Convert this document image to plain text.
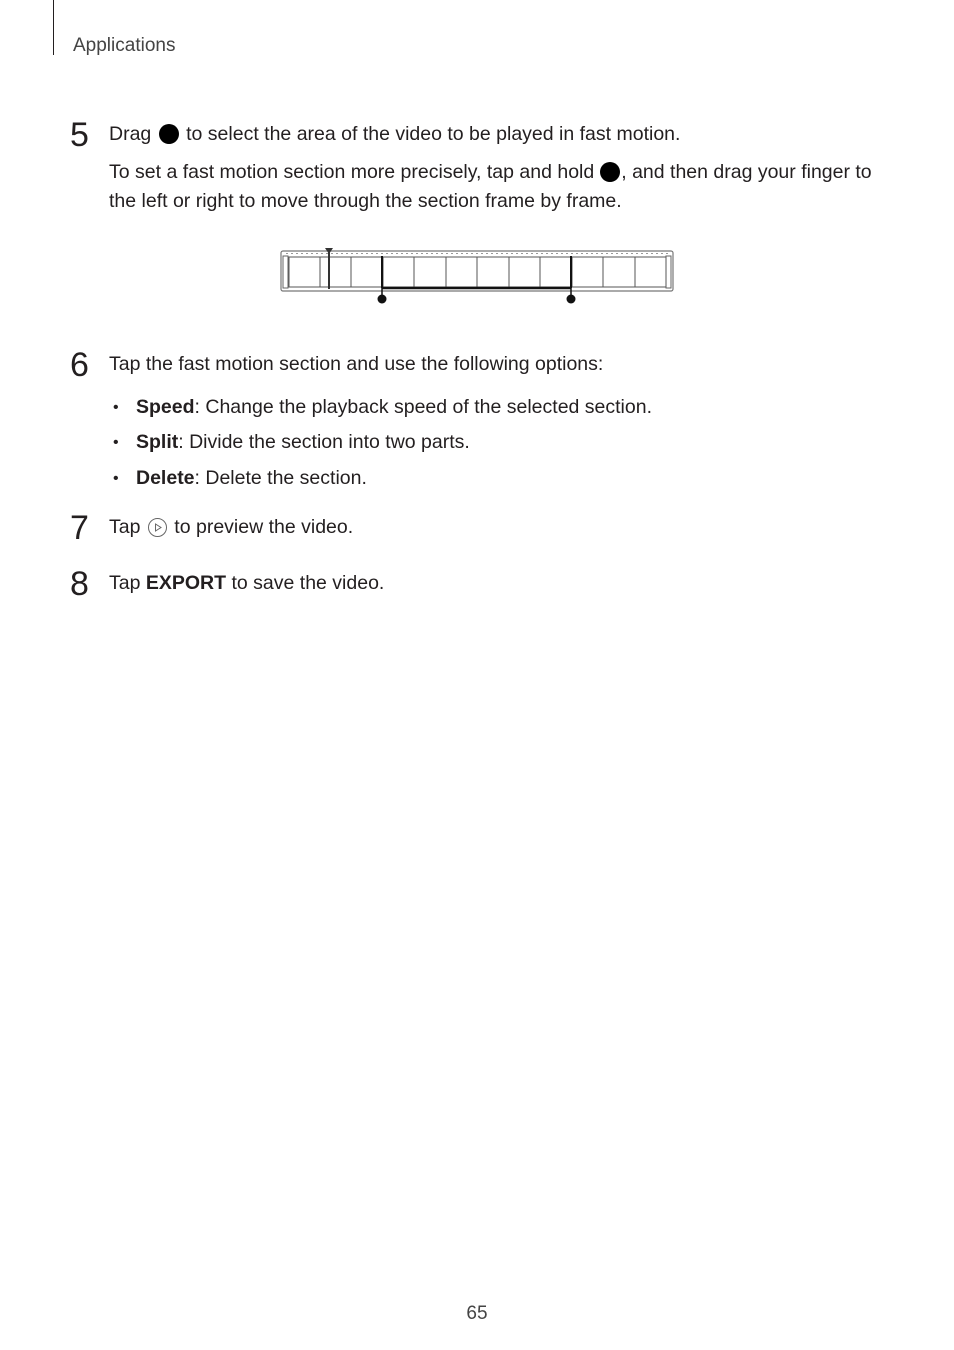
Applications
5 Drag to select the area of the video to be played in fast motion.
To set a fast motion section more precisely, tap and hold , and then drag your finger to
the left or right to move through the section frame by frame.
6 Tap the fast motion section and use the following options:
• Speed: Change the playback speed of the selected section.
• Split: Divide the section into two parts.
• Delete: Delete the section.
7 Tap to preview the video.
8 Tap EXPORT to save the video.
65
